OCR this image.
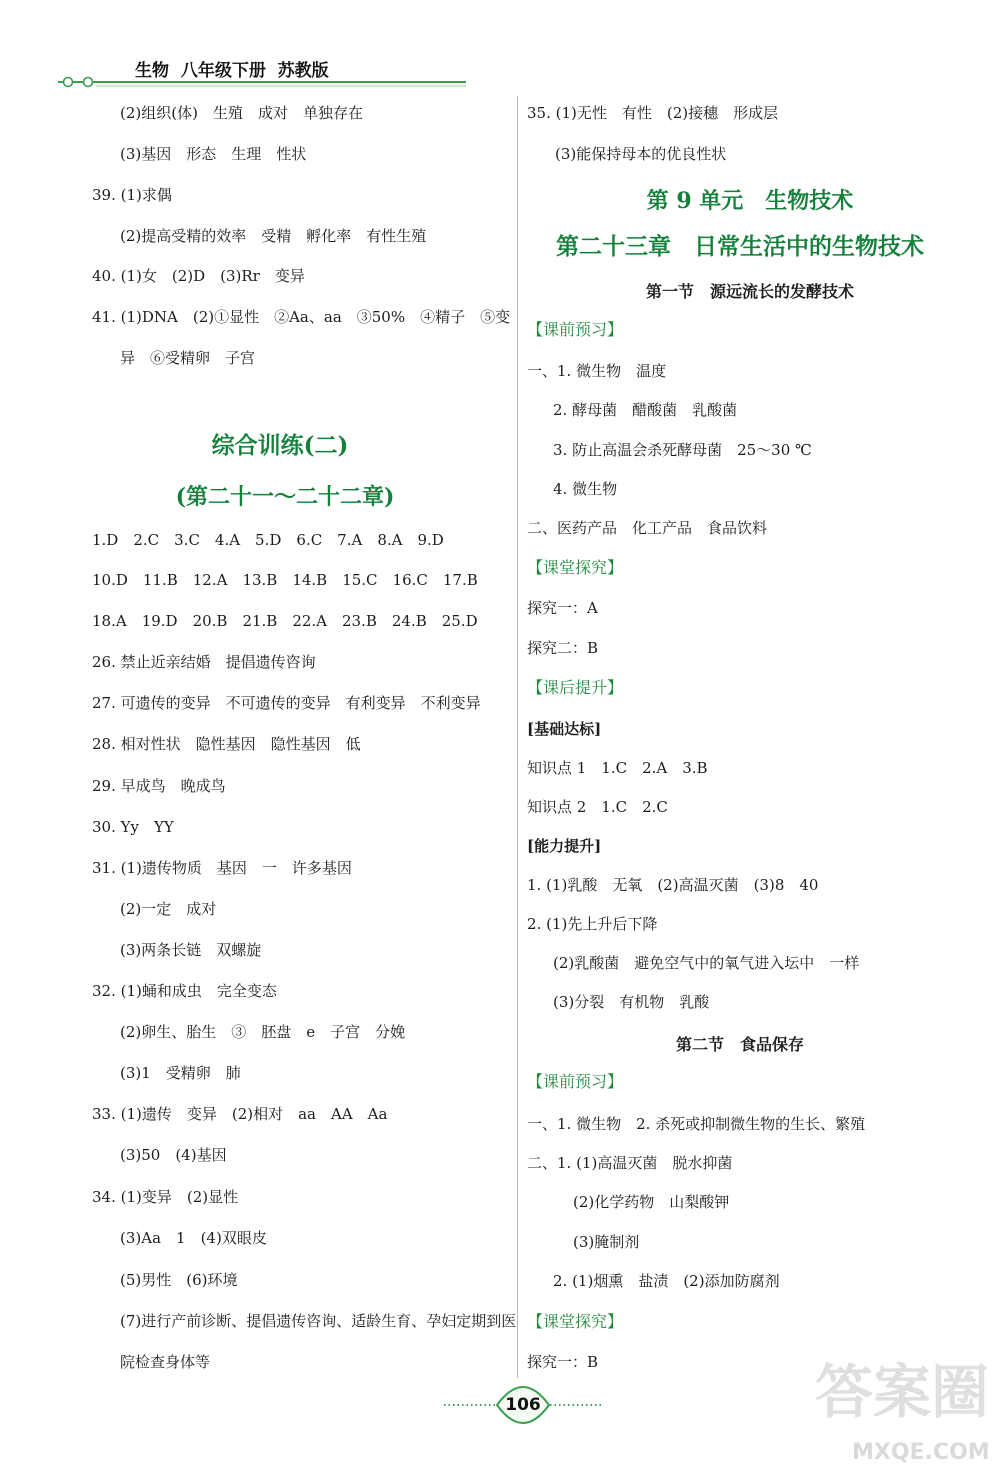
生物  八年级下册  苏教版
(2)组织(体)　生殖　成对　单独存在
(3)基因　形态　生理　性状
39. (1)求偶
(2)提高受精的效率　受精　孵化率　有性生殖
40. (1)女　(2)D　(3)Rr　变异
41. (1)DNA　(2)①显性　②Aa、aa　③50%　④精子　⑤变
异　⑥受精卵　子宫
综合训练(二)
(第二十一～二十二章)
1.D　2.C　3.C　4.A　5.D　6.C　7.A　8.A　9.D
10.D　11.B　12.A　13.B　14.B　15.C　16.C　17.B
18.A　19.D　20.B　21.B　22.A　23.B　24.B　25.D
26. 禁止近亲结婚　提倡遗传咨询
27. 可遗传的变异　不可遗传的变异　有利变异　不利变异
28. 相对性状　隐性基因　隐性基因　低
29. 早成鸟　晚成鸟
30. Yy　YY
31. (1)遗传物质　基因　一　许多基因
(2)一定　成对
(3)两条长链　双螺旋
32. (1)蛹和成虫　完全变态
(2)卵生、胎生　③　胚盘　e　子宫　分娩
(3)1　受精卵　肺
33. (1)遗传　变异　(2)相对　aa　AA　Aa
(3)50　(4)基因
34. (1)变异　(2)显性
(3)Aa　1　(4)双眼皮
(5)男性　(6)环境
(7)进行产前诊断、提倡遗传咨询、适龄生育、孕妇定期到医
院检查身体等
35. (1)无性　有性　(2)接穗　形成层
(3)能保持母本的优良性状
第 9 单元　生物技术
第二十三章　日常生活中的生物技术
第一节　源远流长的发酵技术
【课前预习】
一、1. 微生物　温度
2. 酵母菌　醋酸菌　乳酸菌
3. 防止高温会杀死酵母菌　25～30 ℃
4. 微生物
二、医药产品　化工产品　食品饮料
【课堂探究】
探究一：A
探究二：B
【课后提升】
[基础达标]
知识点 1　1.C　2.A　3.B
知识点 2　1.C　2.C
[能力提升]
1. (1)乳酸　无氧　(2)高温灭菌　(3)8　40
2. (1)先上升后下降
(2)乳酸菌　避免空气中的氧气进入坛中　一样
(3)分裂　有机物　乳酸
第二节　食品保存
【课前预习】
一、1. 微生物　2. 杀死或抑制微生物的生长、繁殖
二、1. (1)高温灭菌　脱水抑菌
(2)化学药物　山梨酸钾
(3)腌制剂
2. (1)烟熏　盐渍　(2)添加防腐剂
【课堂探究】
探究一：B
106	答案圈
MXQE.COM
